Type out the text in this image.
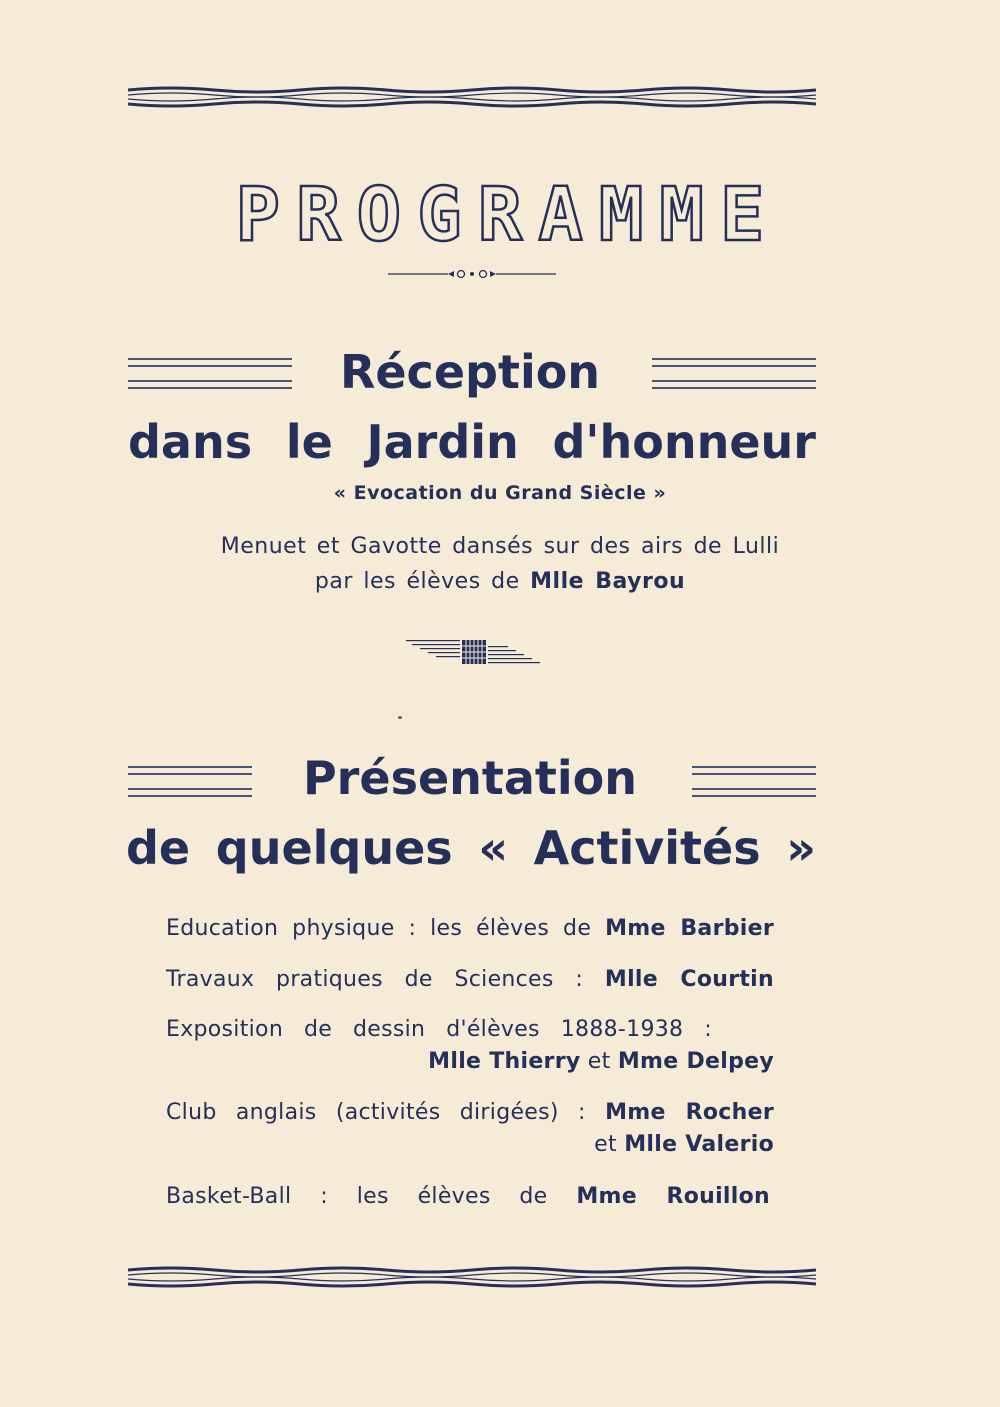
PROGRAMME
Réception
dans le Jardin d'honneur
« Evocation du Grand Siècle »
Menuet et Gavotte dansés sur des airs de Lulli
par les élèves de Mlle Bayrou
Présentation
de quelques « Activités »
Education physique : les élèves de Mme Barbier
Travaux pratiques de Sciences : Mlle Courtin
Exposition de dessin d'élèves 1888-1938 :
Mlle Thierry et Mme Delpey
Club anglais (activités dirigées) : Mme Rocher
et Mlle Valerio
Basket-Ball : les élèves de Mme Rouillon
